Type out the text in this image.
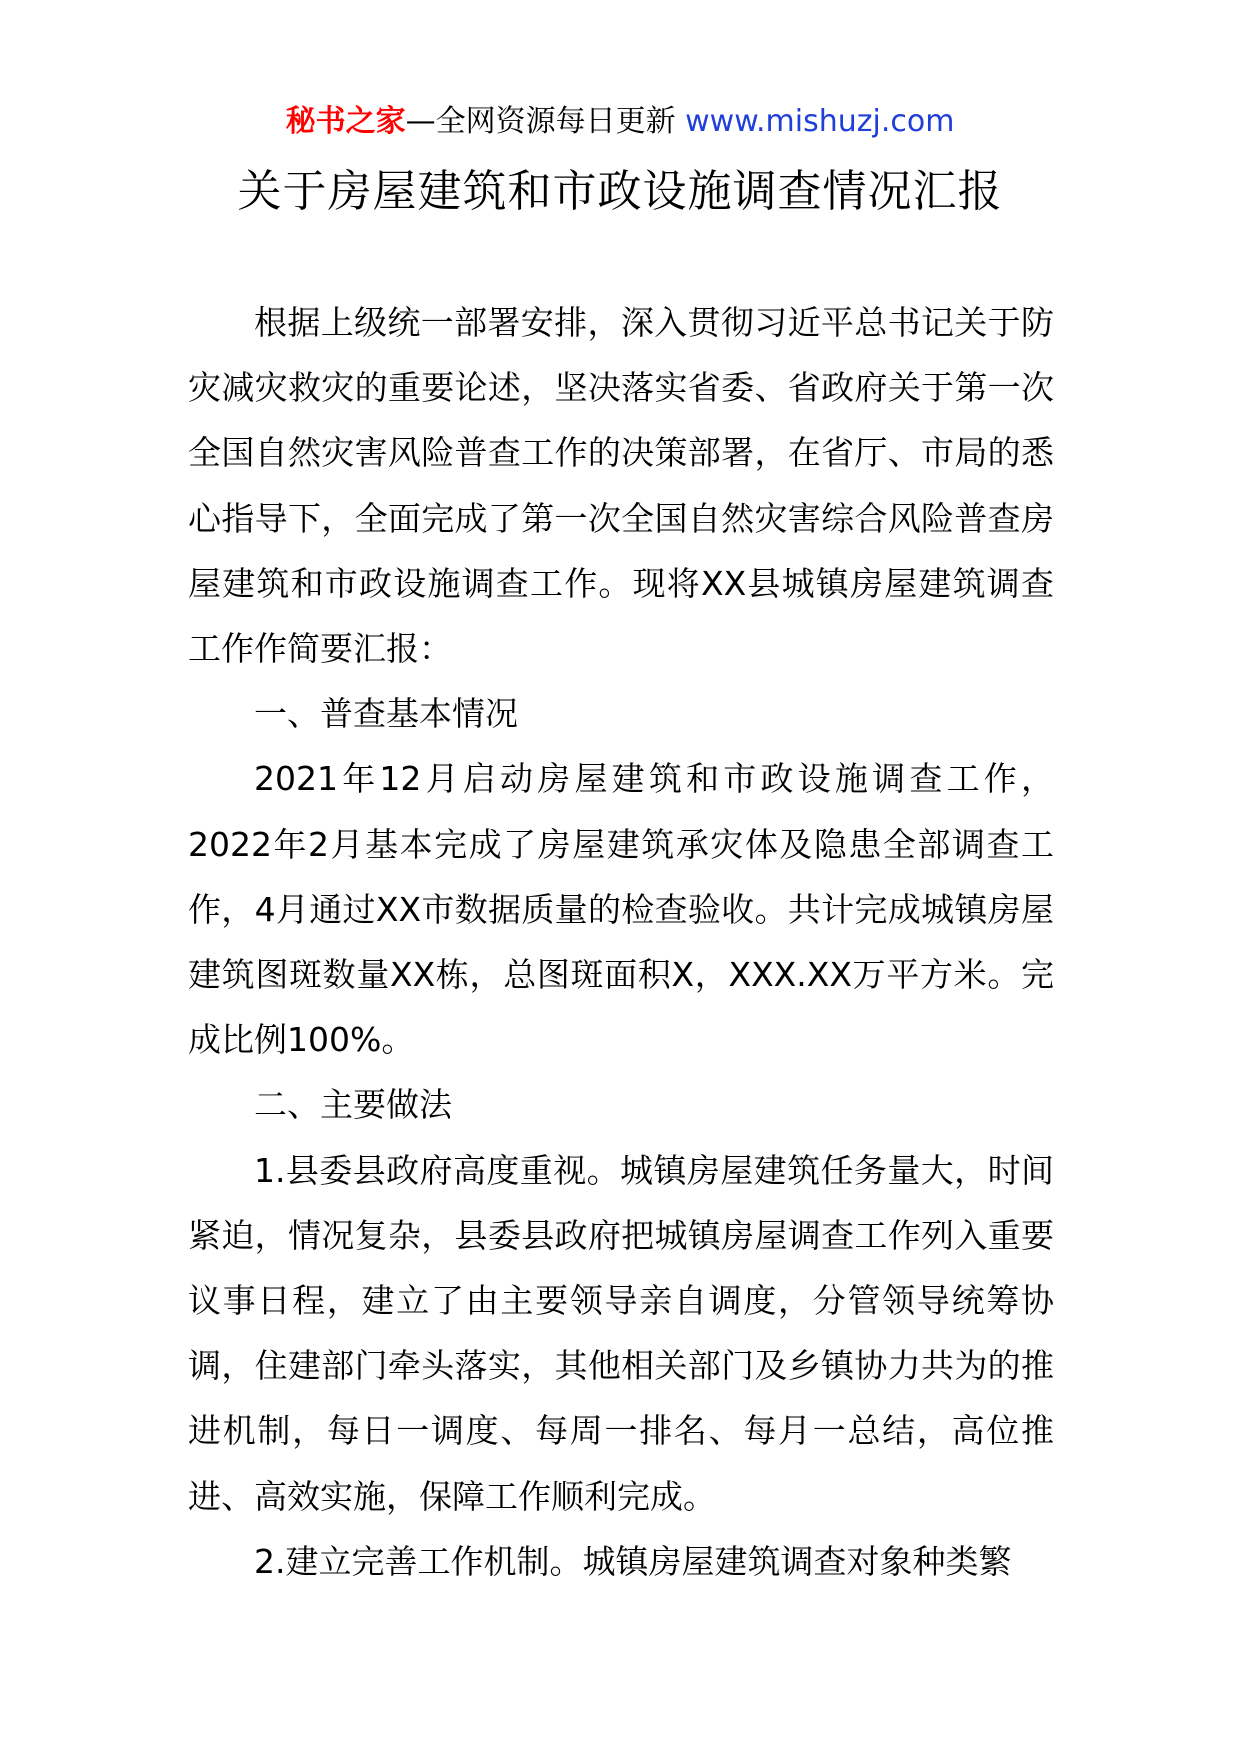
秘书之家—全网资源每日更新 www.mishuzj.com
关于房屋建筑和市政设施调查情况汇报

根据上级统一部署安排，深入贯彻习近平总书记关于防灾减灾救灾的重要论述，坚决落实省委、省政府关于第一次全国自然灾害风险普查工作的决策部署，在省厅、市局的悉心指导下，全面完成了第一次全国自然灾害综合风险普查房屋建筑和市政设施调查工作。现将XX县城镇房屋建筑调查工作作简要汇报：

一、普查基本情况

2021年12月启动房屋建筑和市政设施调查工作，2022年2月基本完成了房屋建筑承灾体及隐患全部调查工作，4月通过XX市数据质量的检查验收。共计完成城镇房屋建筑图斑数量XX栋，总图斑面积X，XXX.XX万平方米。完成比例100%。

二、主要做法

1.县委县政府高度重视。城镇房屋建筑任务量大，时间紧迫，情况复杂，县委县政府把城镇房屋调查工作列入重要议事日程，建立了由主要领导亲自调度，分管领导统筹协调，住建部门牵头落实，其他相关部门及乡镇协力共为的推进机制，每日一调度、每周一排名、每月一总结，高位推进、高效实施，保障工作顺利完成。

2.建立完善工作机制。城镇房屋建筑调查对象种类繁
